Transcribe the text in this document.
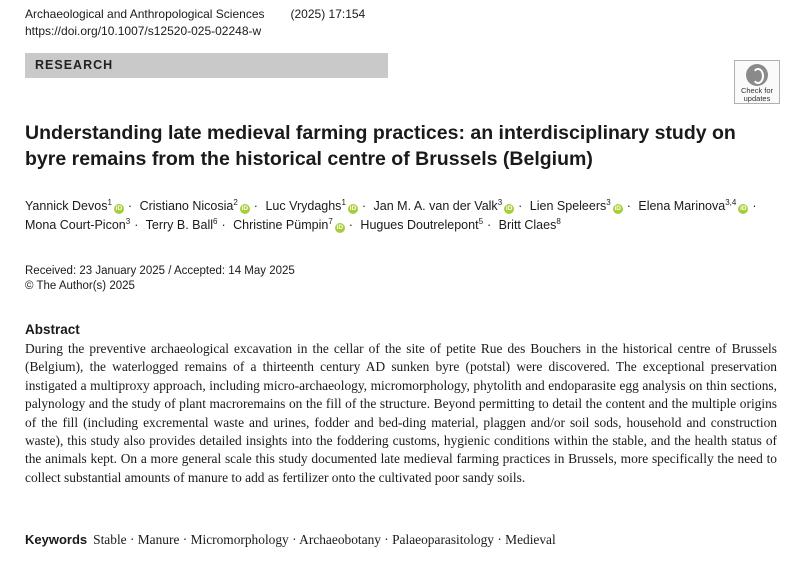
Archaeological and Anthropological Sciences (2025) 17:154
https://doi.org/10.1007/s12520-025-02248-w
RESEARCH
Check for updates
Understanding late medieval farming practices: an interdisciplinary study on byre remains from the historical centre of Brussels (Belgium)
Yannick Devos$^1$iD · Cristiano Nicosia$^2$iD · Luc Vrydaghs$^1$iD · Jan M. A. van der Valk$^3$iD · Lien Speleers$^3$iD · Elena Marinova$^{3,4}$iD · Mona Court-Picon$^3$ · Terry B. Ball$^6$ · Christine Pümpin$^7$iD · Hugues Doutrelepont$^5$ · Britt Claes$^8$
Received: 23 January 2025 / Accepted: 14 May 2025
© The Author(s) 2025
Abstract
During the preventive archaeological excavation in the cellar of the site of petite Rue des Bouchers in the historical centre of Brussels (Belgium), the waterlogged remains of a thirteenth century AD sunken byre (potstal) were discovered. The exceptional preservation instigated a multiproxy approach, including micro-archaeology, micromorphology, phytolith and endoparasite egg analysis on thin sections, palynology and the study of plant macroremains on the fill of the structure. Beyond permitting to detail the content and the multiple origins of the fill (including excremental waste and urines, fodder and bed-ding material, plaggen and/or soil sods, household and construction waste), this study also provides detailed insights into the foddering customs, hygienic conditions within the stable, and the health status of the animals kept. On a more general scale this study documented late medieval farming practices in Brussels, more specifically the need to collect substantial amounts of manure to add as fertilizer onto the cultivated poor sandy soils.
Keywords Stable · Manure · Micromorphology · Archaeobotany · Palaeoparasitology · Medieval
